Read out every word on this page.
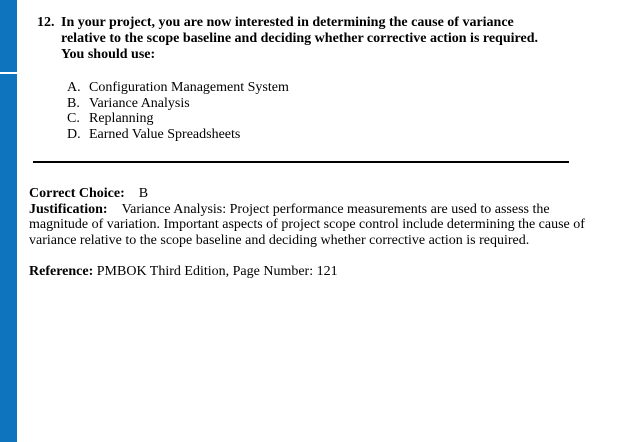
12. In your project, you are now interested in determining the cause of variance
relative to the scope baseline and deciding whether corrective action is required.
You should use:
A. Configuration Management System
B. Variance Analysis
C. Replanning
D. Earned Value Spreadsheets
Correct Choice: B
Justification: Variance Analysis: Project performance measurements are used to assess the
magnitude of variation. Important aspects of project scope control include determining the cause of
variance relative to the scope baseline and deciding whether corrective action is required.
Reference: PMBOK Third Edition, Page Number: 121
